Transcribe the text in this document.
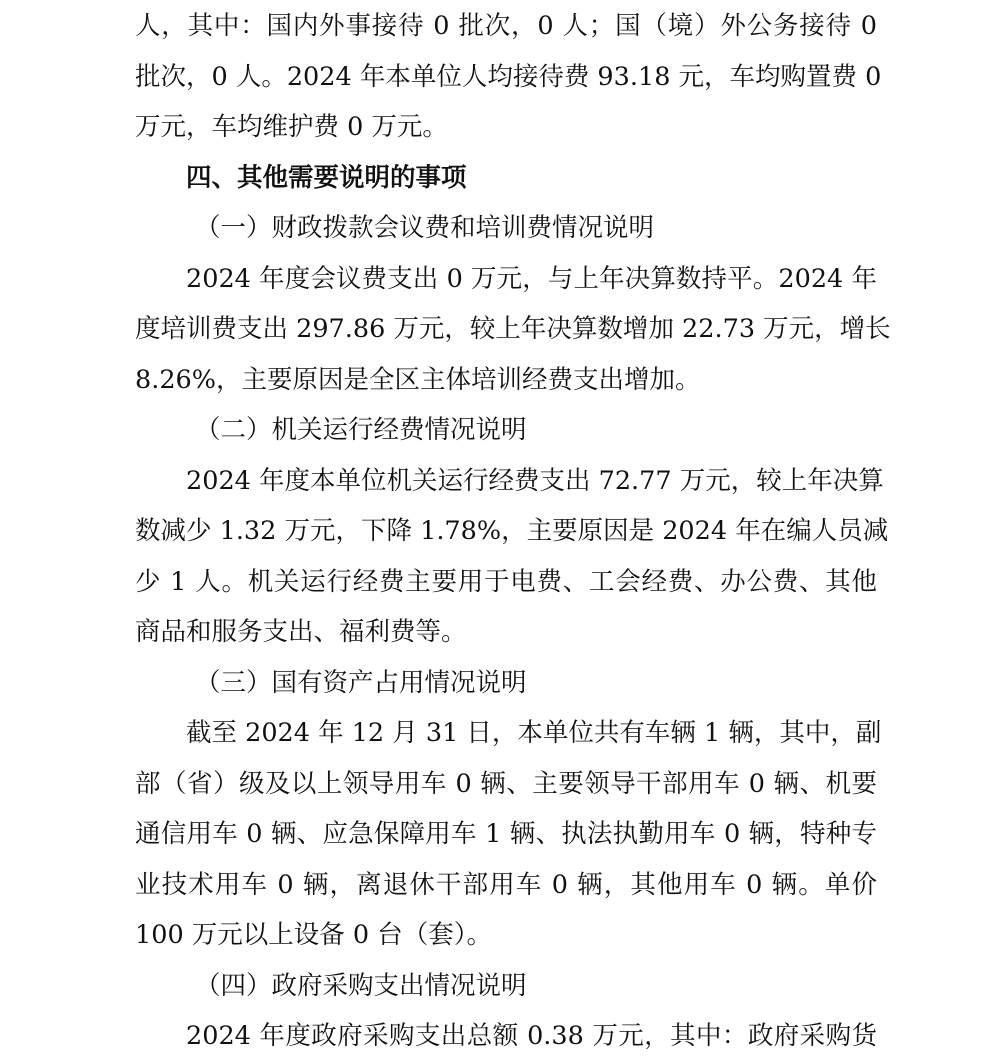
人，其中：国内外事接待 0 批次，0 人；国（境）外公务接待 0
批次，0 人。2024 年本单位人均接待费 93.18 元，车均购置费 0
万元，车均维护费 0 万元。
四、其他需要说明的事项
（一）财政拨款会议费和培训费情况说明
2024 年度会议费支出 0 万元，与上年决算数持平。2024 年
度培训费支出 297.86 万元，较上年决算数增加 22.73 万元，增长
8.26%，主要原因是全区主体培训经费支出增加。
（二）机关运行经费情况说明
2024 年度本单位机关运行经费支出 72.77 万元，较上年决算
数减少 1.32 万元，下降 1.78%，主要原因是 2024 年在编人员减
少 1 人。机关运行经费主要用于电费、工会经费、办公费、其他
商品和服务支出、福利费等。
（三）国有资产占用情况说明
截至 2024 年 12 月 31 日，本单位共有车辆 1 辆，其中，副
部（省）级及以上领导用车 0 辆、主要领导干部用车 0 辆、机要
通信用车 0 辆、应急保障用车 1 辆、执法执勤用车 0 辆，特种专
业技术用车 0 辆，离退休干部用车 0 辆，其他用车 0 辆。单价
100 万元以上设备 0 台（套）。
（四）政府采购支出情况说明
2024 年度政府采购支出总额 0.38 万元，其中：政府采购货
